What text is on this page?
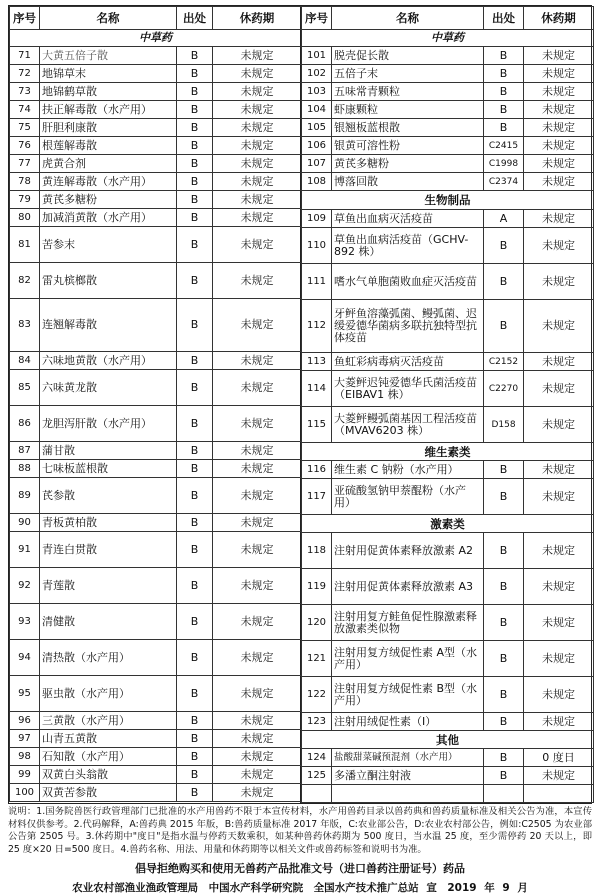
序号	名称	出处	休药期
中草药			
71	大黄五倍子散	B	未规定
72	地锦草末	B	未规定
73	地锦鹤草散	B	未规定
74	扶正解毒散（水产用）	B	未规定
75	肝胆利康散	B	未规定
76	根莲解毒散	B	未规定
77	虎黄合剂	B	未规定
78	黄连解毒散（水产用）	B	未规定
79	黄芪多糖粉	B	未规定
80	加减消黄散（水产用）	B	未规定
81	苦参末	B	未规定
82	雷丸槟榔散	B	未规定
83	连翘解毒散	B	未规定
84	六味地黄散（水产用）	B	未规定
85	六味黄龙散	B	未规定
86	龙胆泻肝散（水产用）	B	未规定
87	蒲甘散	B	未规定
88	七味板蓝根散	B	未规定
89	芪参散	B	未规定
90	青板黄柏散	B	未规定
91	青连白贯散	B	未规定
92	青莲散	B	未规定
93	清健散	B	未规定
94	清热散（水产用）	B	未规定
95	驱虫散（水产用）	B	未规定
96	三黄散（水产用）	B	未规定
97	山青五黄散	B	未规定
98	石知散（水产用）	B	未规定
99	双黄白头翁散	B	未规定
100	双黄苦参散	B	未规定
序号	名称	出处	休药期
中草药			
101	脱壳促长散	B	未规定
102	五倍子末	B	未规定
103	五味常青颗粒	B	未规定
104	虾康颗粒	B	未规定
105	银翘板蓝根散	B	未规定
106	银黄可溶性粉	C2415	未规定
107	黄芪多糖粉	C1998	未规定
108	博落回散	C2374	未规定
生物制品			
109	草鱼出血病灭活疫苗	A	未规定
110	草鱼出血病活疫苗（GCHV-892 株）	B	未规定
111	嗜水气单胞菌败血症灭活疫苗	B	未规定
112	牙鲆鱼溶藻弧菌、鳗弧菌、迟缓爱德华菌病多联抗独特型抗体疫苗	B	未规定
113	鱼虹彩病毒病灭活疫苗	C2152	未规定
114	大菱鲆迟钝爱德华氏菌活疫苗（EIBAV1 株）	C2270	未规定
115	大菱鲆鳗弧菌基因工程活疫苗（MVAV6203 株）	D158	未规定
维生素类			
116	维生素 C 钠粉（水产用）	B	未规定
117	亚硫酸氢钠甲萘醌粉（水产用）	B	未规定
激素类			
118	注射用促黄体素释放激素 A2	B	未规定
119	注射用促黄体素释放激素 A3	B	未规定
120	注射用复方鲑鱼促性腺激素释放激素类似物	B	未规定
121	注射用复方绒促性素 A型（水产用）	B	未规定
122	注射用复方绒促性素 B型（水产用）	B	未规定
123	注射用绒促性素（I）	B	未规定
其他			
124	盐酸甜菜碱预混剂（水产用）	B	0 度日
125	多潘立酮注射液	B	未规定

说明：1.国务院兽医行政管理部门已批准的水产用兽药不限于本宣传材料，水产用兽药目录以兽药典和兽药质量标准及相关公告为准，本宣传材料仅供参考。2.代码解释，A:兽药典 2015 年版，B:兽药质量标准 2017 年版，C:农业部公告，D:农业农村部公告，例如:C2505 为农业部公告第 2505 号。3.休药期中"度日"是指水温与停药天数乘积，如某种兽药休药期为 500 度日，当水温 25 度，至少需停药 20 天以上，即 25 度×20 日=500 度日。4.兽药名称、用法、用量和休药期等以相关文件或兽药标签和说明书为准。
倡导拒绝购买和使用无兽药产品批准文号（进口兽药注册证号）药品
农业农村部渔业渔政管理局　中国水产科学研究院　全国水产技术推广总站 宣　2019 年 9 月
